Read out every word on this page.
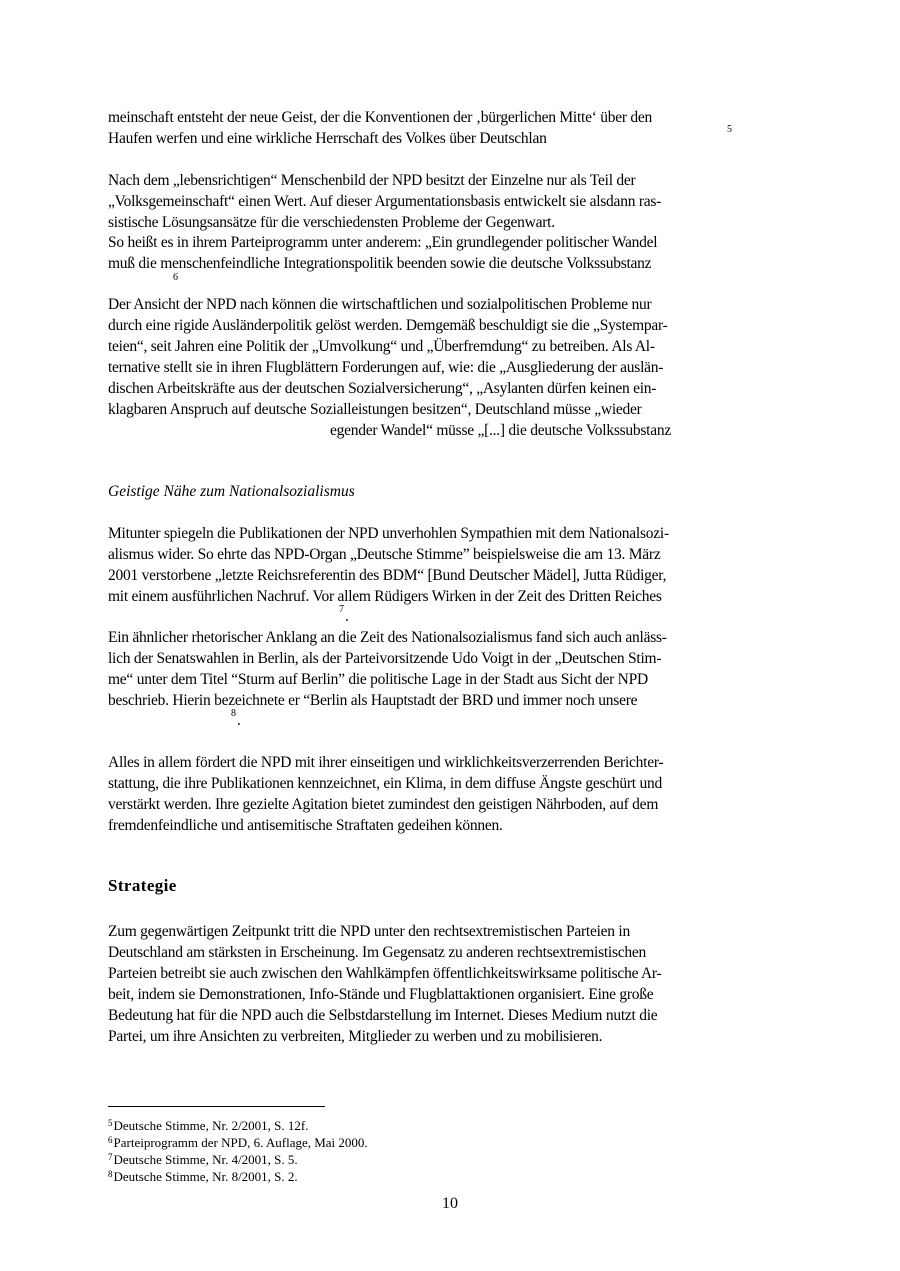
meinschaft entsteht der neue Geist, der die Konventionen der ‚bürgerlichen Mitte‘ über den
Haufen werfen und eine wirkliche Herrschaft des Volkes über Deutschlan
5
Nach dem „lebensrichtigen“ Menschenbild der NPD besitzt der Einzelne nur als Teil der
„Volksgemeinschaft“ einen Wert. Auf dieser Argumentationsbasis entwickelt sie alsdann ras-
sistische Lösungsansätze für die verschiedensten Probleme der Gegenwart.
So heißt es in ihrem Parteiprogramm unter anderem: „Ein grundlegender politischer Wandel
muß die menschenfeindliche Integrationspolitik beenden sowie die deutsche Volkssubstanz
6
Der Ansicht der NPD nach können die wirtschaftlichen und sozialpolitischen Probleme nur
durch eine rigide Ausländerpolitik gelöst werden. Demgemäß beschuldigt sie die „Systempar-
teien“, seit Jahren eine Politik der „Umvolkung“ und „Überfremdung“ zu betreiben. Als Al-
ternative stellt sie in ihren Flugblättern Forderungen auf, wie: die „Ausgliederung der auslän-
dischen Arbeitskräfte aus der deutschen Sozialversicherung“, „Asylanten dürfen keinen ein-
klagbaren Anspruch auf deutsche Sozialleistungen besitzen“, Deutschland müsse „wieder
egender Wandel“ müsse „[...] die deutsche Volkssubstanz
Geistige Nähe zum Nationalsozialismus
Mitunter spiegeln die Publikationen der NPD unverhohlen Sympathien mit dem Nationalsozi-
alismus wider. So ehrte das NPD-Organ „Deutsche Stimme” beispielsweise die am 13. März
2001 verstorbene „letzte Reichsreferentin des BDM“ [Bund Deutscher Mädel], Jutta Rüdiger,
mit einem ausführlichen Nachruf. Vor allem Rüdigers Wirken in der Zeit des Dritten Reiches
7 .
Ein ähnlicher rhetorischer Anklang an die Zeit des Nationalsozialismus fand sich auch anläss-
lich der Senatswahlen in Berlin, als der Parteivorsitzende Udo Voigt in der „Deutschen Stim-
me“ unter dem Titel “Sturm auf Berlin” die politische Lage in der Stadt aus Sicht der NPD
beschrieb. Hierin bezeichnete er “Berlin als Hauptstadt der BRD und immer noch unsere
8 .
Alles in allem fördert die NPD mit ihrer einseitigen und wirklichkeitsverzerrenden Berichter-
stattung, die ihre Publikationen kennzeichnet, ein Klima, in dem diffuse Ängste geschürt und
verstärkt werden. Ihre gezielte Agitation bietet zumindest den geistigen Nährboden, auf dem
fremdenfeindliche und antisemitische Straftaten gedeihen können.
Strategie
Zum gegenwärtigen Zeitpunkt tritt die NPD unter den rechtsextremistischen Parteien in
Deutschland am stärksten in Erscheinung. Im Gegensatz zu anderen rechtsextremistischen
Parteien betreibt sie auch zwischen den Wahlkämpfen öffentlichkeitswirksame politische Ar-
beit, indem sie Demonstrationen, Info-Stände und Flugblattaktionen organisiert. Eine große
Bedeutung hat für die NPD auch die Selbstdarstellung im Internet. Dieses Medium nutzt die
Partei, um ihre Ansichten zu verbreiten, Mitglieder zu werben und zu mobilisieren.
$^5$Deutsche Stimme, Nr. 2/2001, S. 12f.
$^6$Parteiprogramm der NPD, 6. Auflage, Mai 2000.
$^7$Deutsche Stimme, Nr. 4/2001, S. 5.
$^8$Deutsche Stimme, Nr. 8/2001, S. 2.
10
